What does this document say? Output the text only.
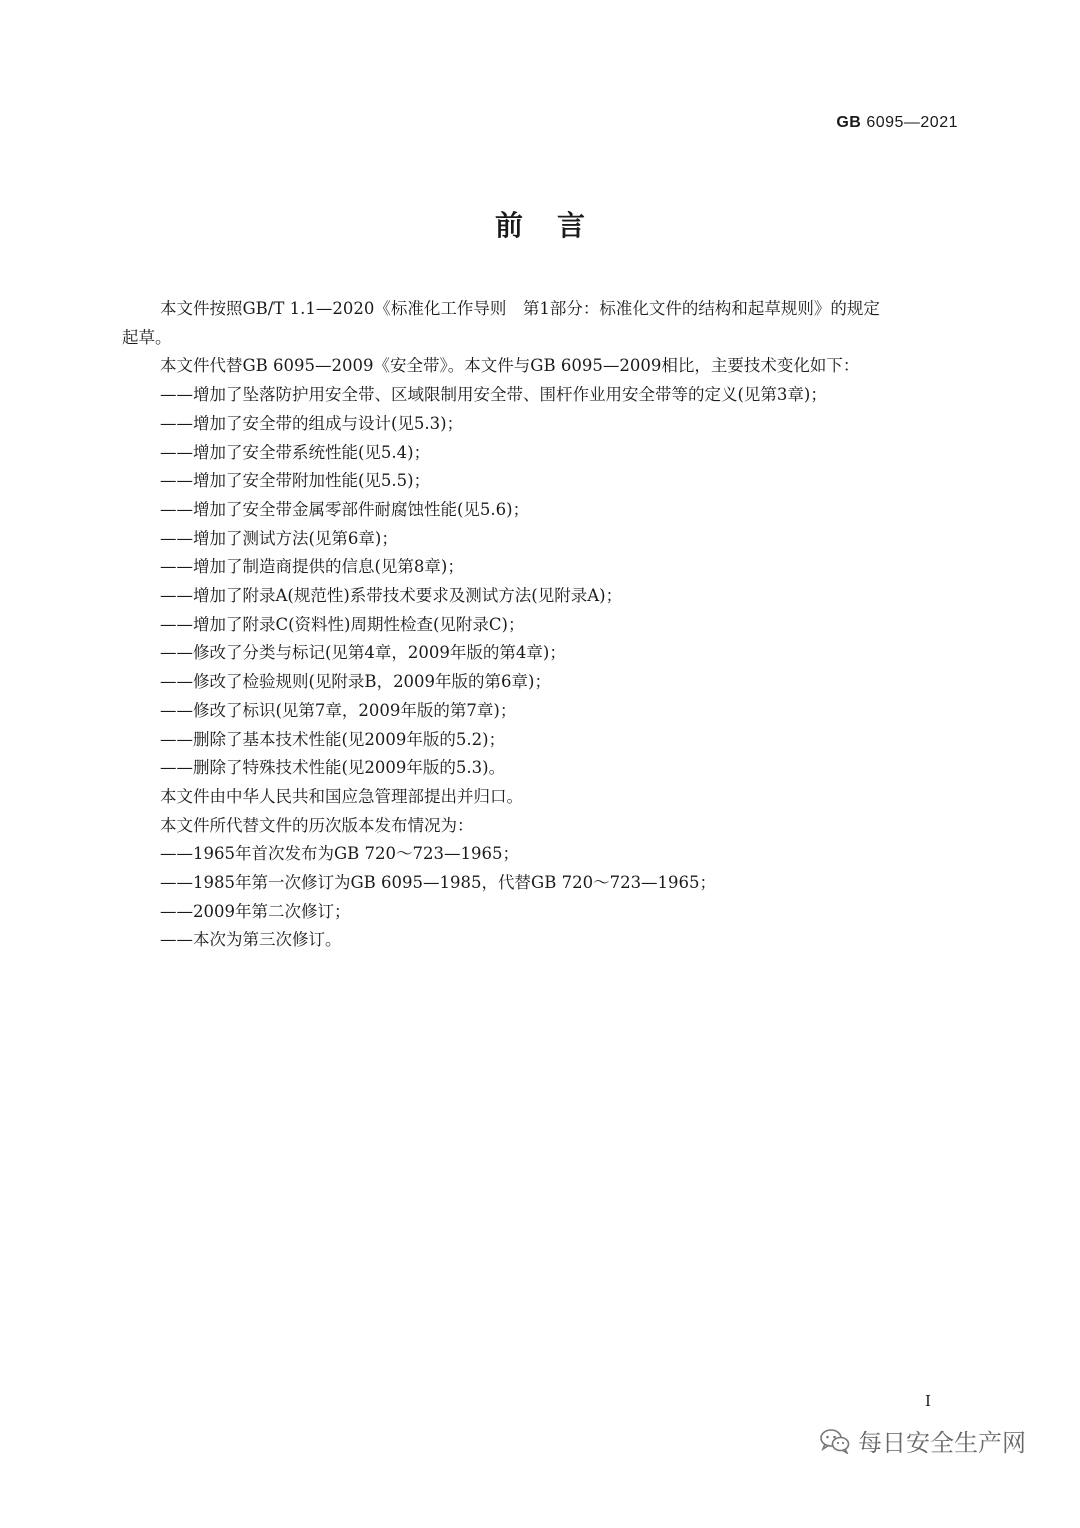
GB 6095—2021
前言

本文件按照GB/T 1.1—2020《标准化工作导则　第1部分：标准化文件的结构和起草规则》的规定

起草。

本文件代替GB 6095—2009《安全带》。本文件与GB 6095—2009相比，主要技术变化如下：

——增加了坠落防护用安全带、区域限制用安全带、围杆作业用安全带等的定义(见第3章)；

——增加了安全带的组成与设计(见5.3)；

——增加了安全带系统性能(见5.4)；

——增加了安全带附加性能(见5.5)；

——增加了安全带金属零部件耐腐蚀性能(见5.6)；

——增加了测试方法(见第6章)；

——增加了制造商提供的信息(见第8章)；

——增加了附录A(规范性)系带技术要求及测试方法(见附录A)；

——增加了附录C(资料性)周期性检查(见附录C)；

——修改了分类与标记(见第4章，2009年版的第4章)；

——修改了检验规则(见附录B，2009年版的第6章)；

——修改了标识(见第7章，2009年版的第7章)；

——删除了基本技术性能(见2009年版的5.2)；

——删除了特殊技术性能(见2009年版的5.3)。

本文件由中华人民共和国应急管理部提出并归口。

本文件所代替文件的历次版本发布情况为：

——1965年首次发布为GB 720～723—1965；

——1985年第一次修订为GB 6095—1985，代替GB 720～723—1965；

——2009年第二次修订；

——本次为第三次修订。

I
每日安全生产网
